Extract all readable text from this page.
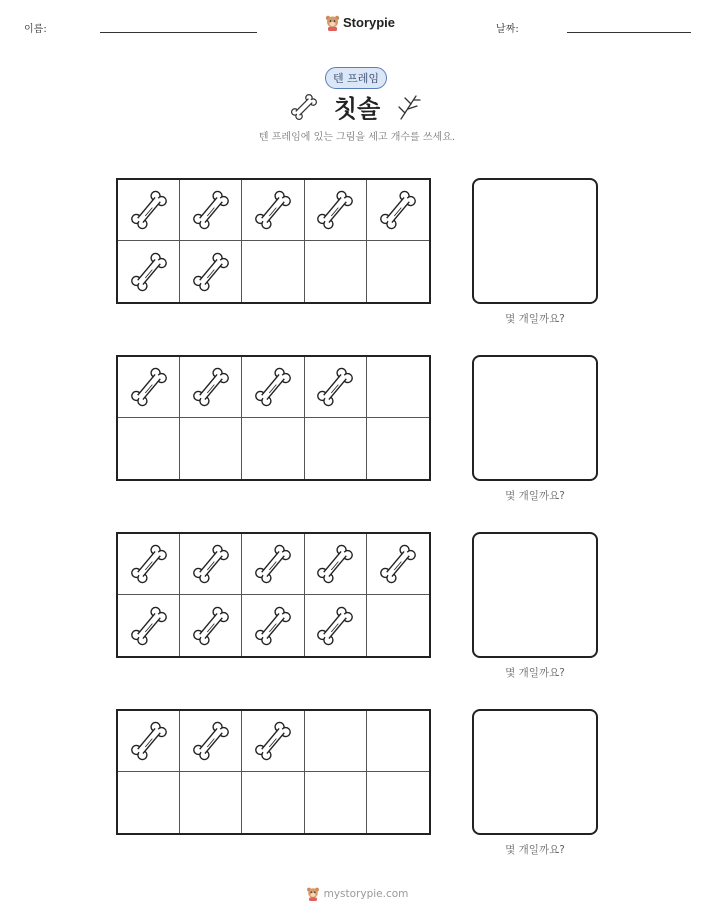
이름:	Storypie	날짜:
텐 프레임
칫솔
텐 프레임에 있는 그림을 세고 개수를 쓰세요.
몇 개일까요?
몇 개일까요?
몇 개일까요?
몇 개일까요?
mystorypie.com
